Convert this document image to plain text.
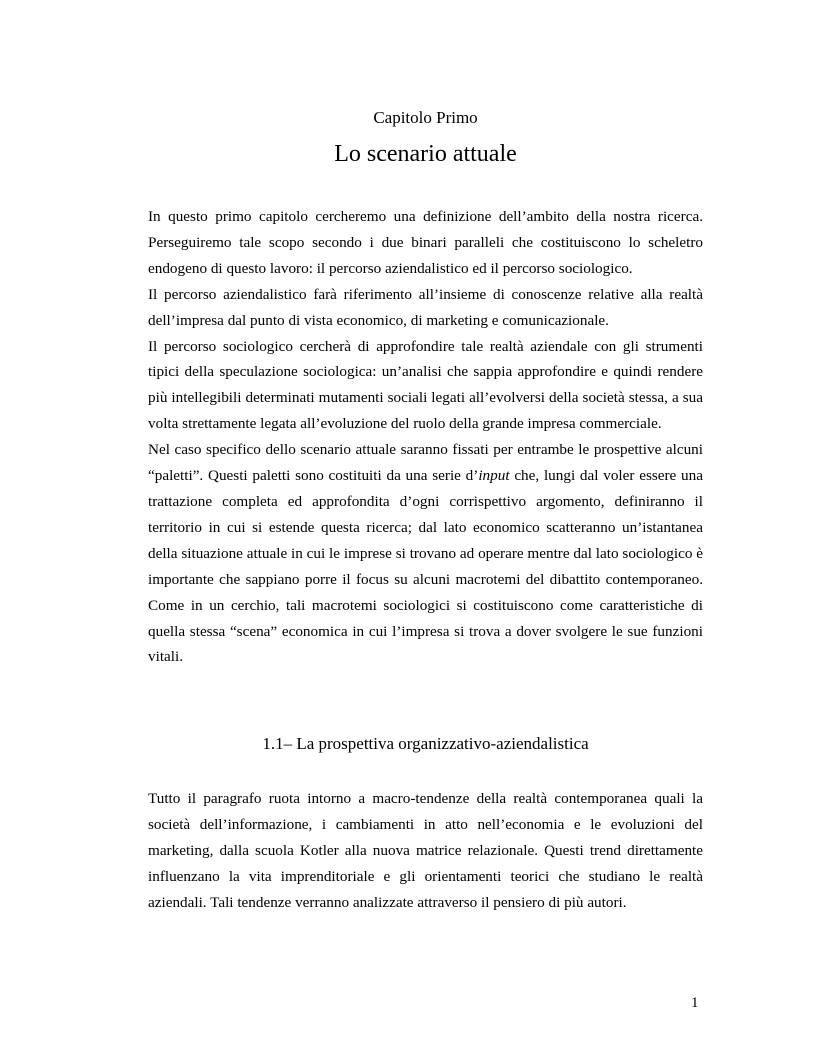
Capitolo Primo
Lo scenario attuale

In questo primo capitolo cercheremo una definizione dell’ambito della nostra ricerca. Perseguiremo tale scopo secondo i due binari paralleli che costituiscono lo scheletro endogeno di questo lavoro: il percorso aziendalistico ed il percorso sociologico.

Il percorso aziendalistico farà riferimento all’insieme di conoscenze relative alla realtà dell’impresa dal punto di vista economico, di marketing e comunicazionale.

Il percorso sociologico cercherà di approfondire tale realtà aziendale con gli strumenti tipici della speculazione sociologica: un’analisi che sappia approfondire e quindi rendere più intellegibili determinati mutamenti sociali legati all’evolversi della società stessa, a sua volta strettamente legata all’evoluzione del ruolo della grande impresa commerciale.

Nel caso specifico dello scenario attuale saranno fissati per entrambe le prospettive alcuni “paletti”. Questi paletti sono costituiti da una serie d’input che, lungi dal voler essere una trattazione completa ed approfondita d’ogni corrispettivo argomento, definiranno il territorio in cui si estende questa ricerca; dal lato economico scatteranno un’istantanea della situazione attuale in cui le imprese si trovano ad operare mentre dal lato sociologico è importante che sappiano porre il focus su alcuni macrotemi del dibattito contemporaneo. Come in un cerchio, tali macrotemi sociologici si costituiscono come caratteristiche di quella stessa “scena” economica in cui l’impresa si trova a dover svolgere le sue funzioni vitali.

1.1– La prospettiva organizzativo-aziendalistica

Tutto il paragrafo ruota intorno a macro-tendenze della realtà contemporanea quali la società dell’informazione, i cambiamenti in atto nell’economia e le evoluzioni del marketing, dalla scuola Kotler alla nuova matrice relazionale. Questi trend direttamente influenzano la vita imprenditoriale e gli orientamenti teorici che studiano le realtà aziendali. Tali tendenze verranno analizzate attraverso il pensiero di più autori.

1
